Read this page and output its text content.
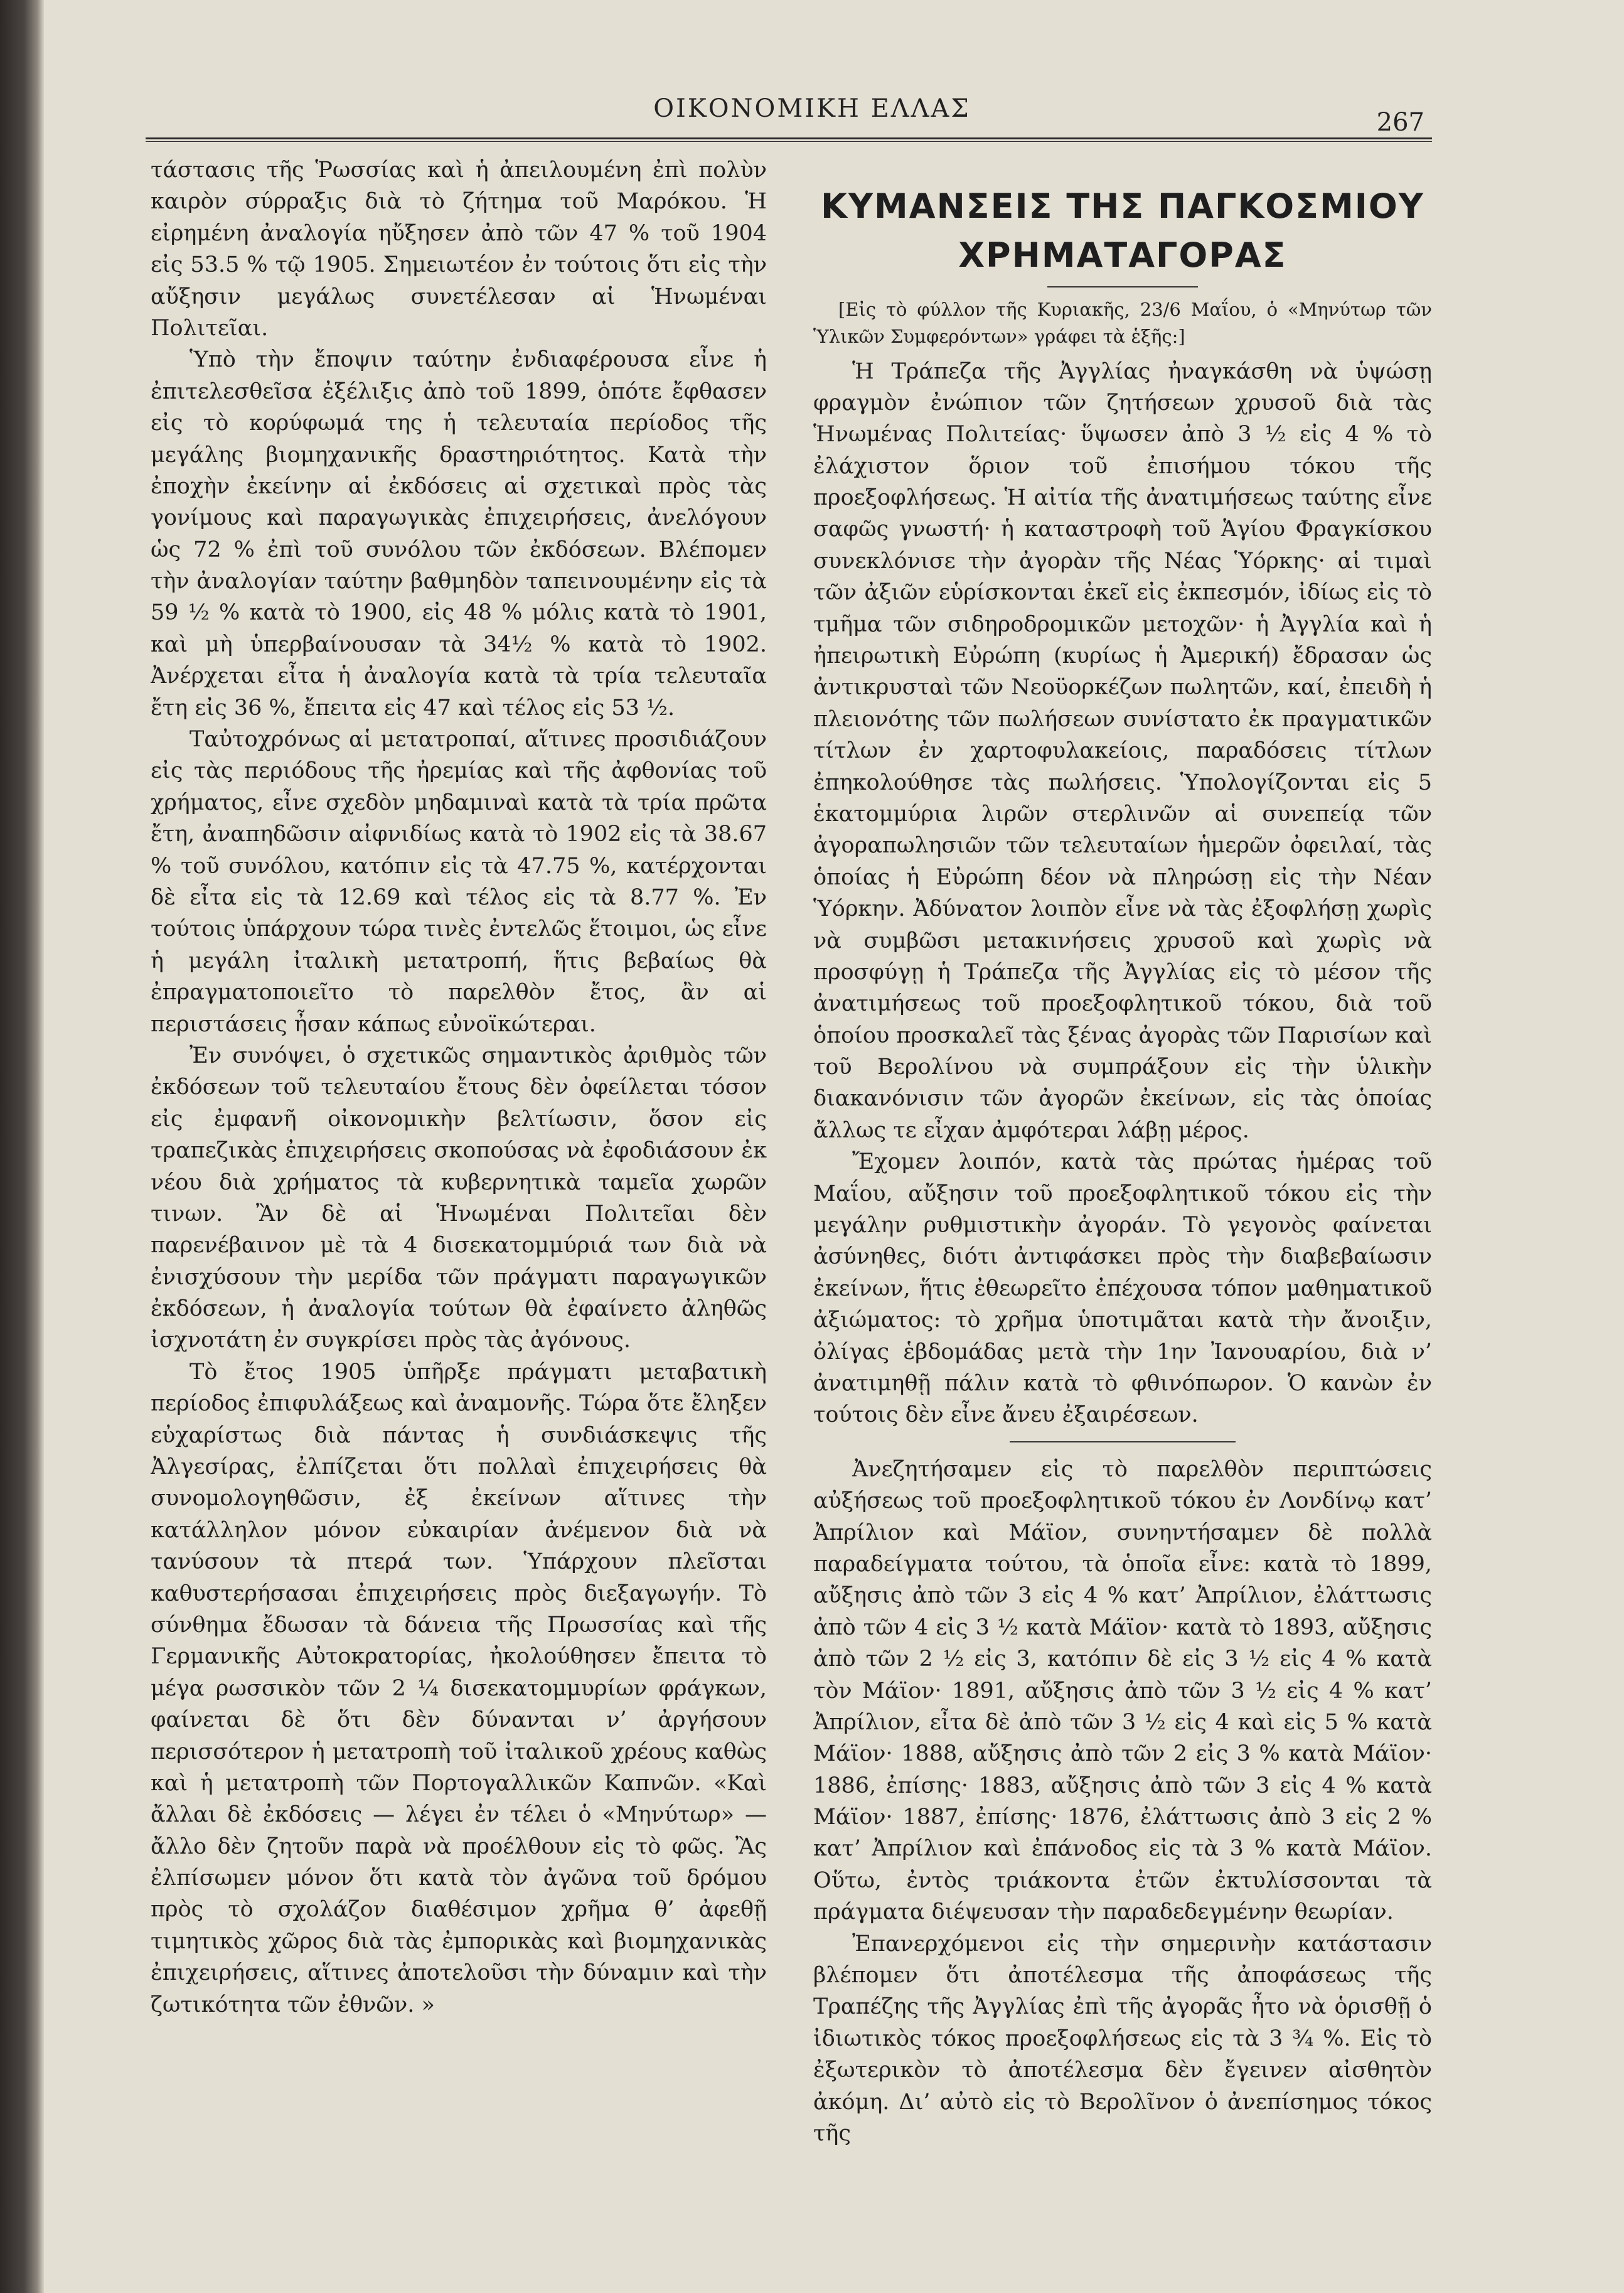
ΟΙΚΟΝΟΜΙΚΗ ΕΛΛΑΣ	267

τάστασις τῆς Ῥωσσίας καὶ ἡ ἀπειλουμένη ἐπὶ πολὺν καιρὸν σύρραξις διὰ τὸ ζήτημα τοῦ Μαρόκου. Ἡ εἰρημένη ἀναλογία ηὔξησεν ἀπὸ τῶν 47 % τοῦ 1904 εἰς 53.5 % τῷ 1905. Σημειωτέον ἐν τούτοις ὅτι εἰς τὴν αὔξησιν μεγάλως συνετέλεσαν αἱ Ἡνωμέναι Πολιτεῖαι.

Ὑπὸ τὴν ἔποψιν ταύτην ἐνδιαφέρουσα εἶνε ἡ ἐπιτελεσθεῖσα ἐξέλιξις ἀπὸ τοῦ 1899, ὁπότε ἔφθασεν εἰς τὸ κορύφωμά της ἡ τελευταία περίοδος τῆς μεγάλης βιομηχανικῆς δραστηριότητος. Κατὰ τὴν ἐποχὴν ἐκείνην αἱ ἐκδόσεις αἱ σχετικαὶ πρὸς τὰς γονίμους καὶ παραγωγικὰς ἐπιχειρήσεις, ἀνελόγουν ὡς 72 % ἐπὶ τοῦ συνόλου τῶν ἐκδόσεων. Βλέπομεν τὴν ἀναλογίαν ταύτην βαθμηδὸν ταπεινουμένην εἰς τὰ 59 ½ % κατὰ τὸ 1900, εἰς 48 % μόλις κατὰ τὸ 1901, καὶ μὴ ὑπερβαίνουσαν τὰ 34½ % κατὰ τὸ 1902. Ἀνέρχεται εἶτα ἡ ἀναλογία κατὰ τὰ τρία τελευταῖα ἔτη εἰς 36 %, ἔπειτα εἰς 47 καὶ τέλος εἰς 53 ½.

Ταὐτοχρόνως αἱ μετατροπαί, αἵτινες προσιδιάζουν εἰς τὰς περιόδους τῆς ἠρεμίας καὶ τῆς ἀφθονίας τοῦ χρήματος, εἶνε σχεδὸν μηδαμιναὶ κατὰ τὰ τρία πρῶτα ἔτη, ἀναπηδῶσιν αἰφνιδίως κατὰ τὸ 1902 εἰς τὰ 38.67 % τοῦ συνόλου, κατόπιν εἰς τὰ 47.75 %, κατέρχονται δὲ εἶτα εἰς τὰ 12.69 καὶ τέλος εἰς τὰ 8.77 %. Ἐν τούτοις ὑπάρχουν τώρα τινὲς ἐντελῶς ἕτοιμοι, ὡς εἶνε ἡ μεγάλη ἰταλικὴ μετατροπή, ἥτις βεβαίως θὰ ἐπραγματοποιεῖτο τὸ παρελθὸν ἔτος, ἂν αἱ περιστάσεις ἦσαν κάπως εὐνοϊκώτεραι.

Ἐν συνόψει, ὁ σχετικῶς σημαντικὸς ἀριθμὸς τῶν ἐκδόσεων τοῦ τελευταίου ἔτους δὲν ὀφείλεται τόσον εἰς ἐμφανῆ οἰκονομικὴν βελτίωσιν, ὅσον εἰς τραπεζικὰς ἐπιχειρήσεις σκοπούσας νὰ ἐφοδιάσουν ἐκ νέου διὰ χρήματος τὰ κυβερνητικὰ ταμεῖα χωρῶν τινων. Ἂν δὲ αἱ Ἡνωμέναι Πολιτεῖαι δὲν παρενέβαινον μὲ τὰ 4 δισεκατομμύριά των διὰ νὰ ἐνισχύσουν τὴν μερίδα τῶν πράγματι παραγωγικῶν ἐκδόσεων, ἡ ἀναλογία τούτων θὰ ἐφαίνετο ἀληθῶς ἰσχνοτάτη ἐν συγκρίσει πρὸς τὰς ἀγόνους.

Τὸ ἔτος 1905 ὑπῆρξε πράγματι μεταβατικὴ περίοδος ἐπιφυλάξεως καὶ ἀναμονῆς. Τώρα ὅτε ἔληξεν εὐχαρίστως διὰ πάντας ἡ συνδιάσκεψις τῆς Ἀλγεσίρας, ἐλπίζεται ὅτι πολλαὶ ἐπιχειρήσεις θὰ συνομολογηθῶσιν, ἐξ ἐκείνων αἵτινες τὴν κατάλληλον μόνον εὐκαιρίαν ἀνέμενον διὰ νὰ τανύσουν τὰ πτερά των. Ὑπάρχουν πλεῖσται καθυστερήσασαι ἐπιχειρήσεις πρὸς διεξαγωγήν. Τὸ σύνθημα ἔδωσαν τὰ δάνεια τῆς Πρωσσίας καὶ τῆς Γερμανικῆς Αὐτοκρατορίας, ἠκολούθησεν ἔπειτα τὸ μέγα ρωσσικὸν τῶν 2 ¼ δισεκατομμυρίων φράγκων, φαίνεται δὲ ὅτι δὲν δύνανται ν’ ἀργήσουν περισσότερον ἡ μετατροπὴ τοῦ ἰταλικοῦ χρέους καθὼς καὶ ἡ μετατροπὴ τῶν Πορτογαλλικῶν Καπνῶν. «Καὶ ἄλλαι δὲ ἐκδόσεις — λέγει ἐν τέλει ὁ «Μηνύτωρ» — ἄλλο δὲν ζητοῦν παρὰ νὰ προέλθουν εἰς τὸ φῶς. Ἂς ἐλπίσωμεν μόνον ὅτι κατὰ τὸν ἀγῶνα τοῦ δρόμου πρὸς τὸ σχολάζον διαθέσιμον χρῆμα θ’ ἀφεθῇ τιμητικὸς χῶρος διὰ τὰς ἐμπορικὰς καὶ βιομηχανικὰς ἐπιχειρήσεις, αἵτινες ἀποτελοῦσι τὴν δύναμιν καὶ τὴν ζωτικότητα τῶν ἐθνῶν. »

ΚΥΜΑΝΣΕΙΣ ΤΗΣ ΠΑΓΚΟΣΜΙΟΥ ΧΡΗΜΑΤΑΓΟΡΑΣ

[Εἰς τὸ φύλλον τῆς Κυριακῆς, 23/6 Μαΐου, ὁ «Μηνύτωρ τῶν Ὑλικῶν Συμφερόντων» γράφει τὰ ἑξῆς:]

Ἡ Τράπεζα τῆς Ἀγγλίας ἠναγκάσθη νὰ ὑψώσῃ φραγμὸν ἐνώπιον τῶν ζητήσεων χρυσοῦ διὰ τὰς Ἡνωμένας Πολιτείας· ὕψωσεν ἀπὸ 3 ½ εἰς 4 % τὸ ἐλάχιστον ὅριον τοῦ ἐπισήμου τόκου τῆς προεξοφλήσεως. Ἡ αἰτία τῆς ἀνατιμήσεως ταύτης εἶνε σαφῶς γνωστή· ἡ καταστροφὴ τοῦ Ἁγίου Φραγκίσκου συνεκλόνισε τὴν ἀγορὰν τῆς Νέας Ὑόρκης· αἱ τιμαὶ τῶν ἀξιῶν εὑρίσκονται ἐκεῖ εἰς ἐκπεσμόν, ἰδίως εἰς τὸ τμῆμα τῶν σιδηροδρομικῶν μετοχῶν· ἡ Ἀγγλία καὶ ἡ ἠπειρωτικὴ Εὐρώπη (κυρίως ἡ Ἀμερική) ἔδρασαν ὡς ἀντικρυσταὶ τῶν Νεοϋορκέζων πωλητῶν, καί, ἐπειδὴ ἡ πλειονότης τῶν πωλήσεων συνίστατο ἐκ πραγματικῶν τίτλων ἐν χαρτοφυλακείοις, παραδόσεις τίτλων ἐπηκολούθησε τὰς πωλήσεις. Ὑπολογίζονται εἰς 5 ἑκατομμύρια λιρῶν στερλινῶν αἱ συνεπείᾳ τῶν ἀγοραπωλησιῶν τῶν τελευταίων ἡμερῶν ὀφειλαί, τὰς ὁποίας ἡ Εὐρώπη δέον νὰ πληρώσῃ εἰς τὴν Νέαν Ὑόρκην. Ἀδύνατον λοιπὸν εἶνε νὰ τὰς ἐξοφλήσῃ χωρὶς νὰ συμβῶσι μετακινήσεις χρυσοῦ καὶ χωρὶς νὰ προσφύγῃ ἡ Τράπεζα τῆς Ἀγγλίας εἰς τὸ μέσον τῆς ἀνατιμήσεως τοῦ προεξοφλητικοῦ τόκου, διὰ τοῦ ὁποίου προσκαλεῖ τὰς ξένας ἀγορὰς τῶν Παρισίων καὶ τοῦ Βερολίνου νὰ συμπράξουν εἰς τὴν ὑλικὴν διακανόνισιν τῶν ἀγορῶν ἐκείνων, εἰς τὰς ὁποίας ἄλλως τε εἶχαν ἀμφότεραι λάβῃ μέρος.

Ἔχομεν λοιπόν, κατὰ τὰς πρώτας ἡμέρας τοῦ Μαΐου, αὔξησιν τοῦ προεξοφλητικοῦ τόκου εἰς τὴν μεγάλην ρυθμιστικὴν ἀγοράν. Τὸ γεγονὸς φαίνεται ἀσύνηθες, διότι ἀντιφάσκει πρὸς τὴν διαβεβαίωσιν ἐκείνων, ἥτις ἐθεωρεῖτο ἐπέχουσα τόπον μαθηματικοῦ ἀξιώματος: τὸ χρῆμα ὑποτιμᾶται κατὰ τὴν ἄνοιξιν, ὀλίγας ἑβδομάδας μετὰ τὴν 1ην Ἰανουαρίου, διὰ ν’ ἀνατιμηθῇ πάλιν κατὰ τὸ φθινόπωρον. Ὁ κανὼν ἐν τούτοις δὲν εἶνε ἄνευ ἐξαιρέσεων.

Ἀνεζητήσαμεν εἰς τὸ παρελθὸν περιπτώσεις αὐξήσεως τοῦ προεξοφλητικοῦ τόκου ἐν Λονδίνῳ κατ’ Ἀπρίλιον καὶ Μάϊον, συνηντήσαμεν δὲ πολλὰ παραδείγματα τούτου, τὰ ὁποῖα εἶνε: κατὰ τὸ 1899, αὔξησις ἀπὸ τῶν 3 εἰς 4 % κατ’ Ἀπρίλιον, ἐλάττωσις ἀπὸ τῶν 4 εἰς 3 ½ κατὰ Μάϊον· κατὰ τὸ 1893, αὔξησις ἀπὸ τῶν 2 ½ εἰς 3, κατόπιν δὲ εἰς 3 ½ εἰς 4 % κατὰ τὸν Μάϊον· 1891, αὔξησις ἀπὸ τῶν 3 ½ εἰς 4 % κατ’ Ἀπρίλιον, εἶτα δὲ ἀπὸ τῶν 3 ½ εἰς 4 καὶ εἰς 5 % κατὰ Μάϊον· 1888, αὔξησις ἀπὸ τῶν 2 εἰς 3 % κατὰ Μάϊον· 1886, ἐπίσης· 1883, αὔξησις ἀπὸ τῶν 3 εἰς 4 % κατὰ Μάϊον· 1887, ἐπίσης· 1876, ἐλάττωσις ἀπὸ 3 εἰς 2 % κατ’ Ἀπρίλιον καὶ ἐπάνοδος εἰς τὰ 3 % κατὰ Μάϊον. Οὕτω, ἐντὸς τριάκοντα ἐτῶν ἐκτυλίσσονται τὰ πράγματα διέψευσαν τὴν παραδεδεγμένην θεωρίαν.

Ἐπανερχόμενοι εἰς τὴν σημερινὴν κατάστασιν βλέπομεν ὅτι ἀποτέλεσμα τῆς ἀποφάσεως τῆς Τραπέζης τῆς Ἀγγλίας ἐπὶ τῆς ἀγορᾶς ἦτο νὰ ὁρισθῇ ὁ ἰδιωτικὸς τόκος προεξοφλήσεως εἰς τὰ 3 ¾ %. Εἰς τὸ ἐξωτερικὸν τὸ ἀποτέλεσμα δὲν ἔγεινεν αἰσθητὸν ἀκόμη. Δι’ αὐτὸ εἰς τὸ Βερολῖνον ὁ ἀνεπίσημος τόκος τῆς
